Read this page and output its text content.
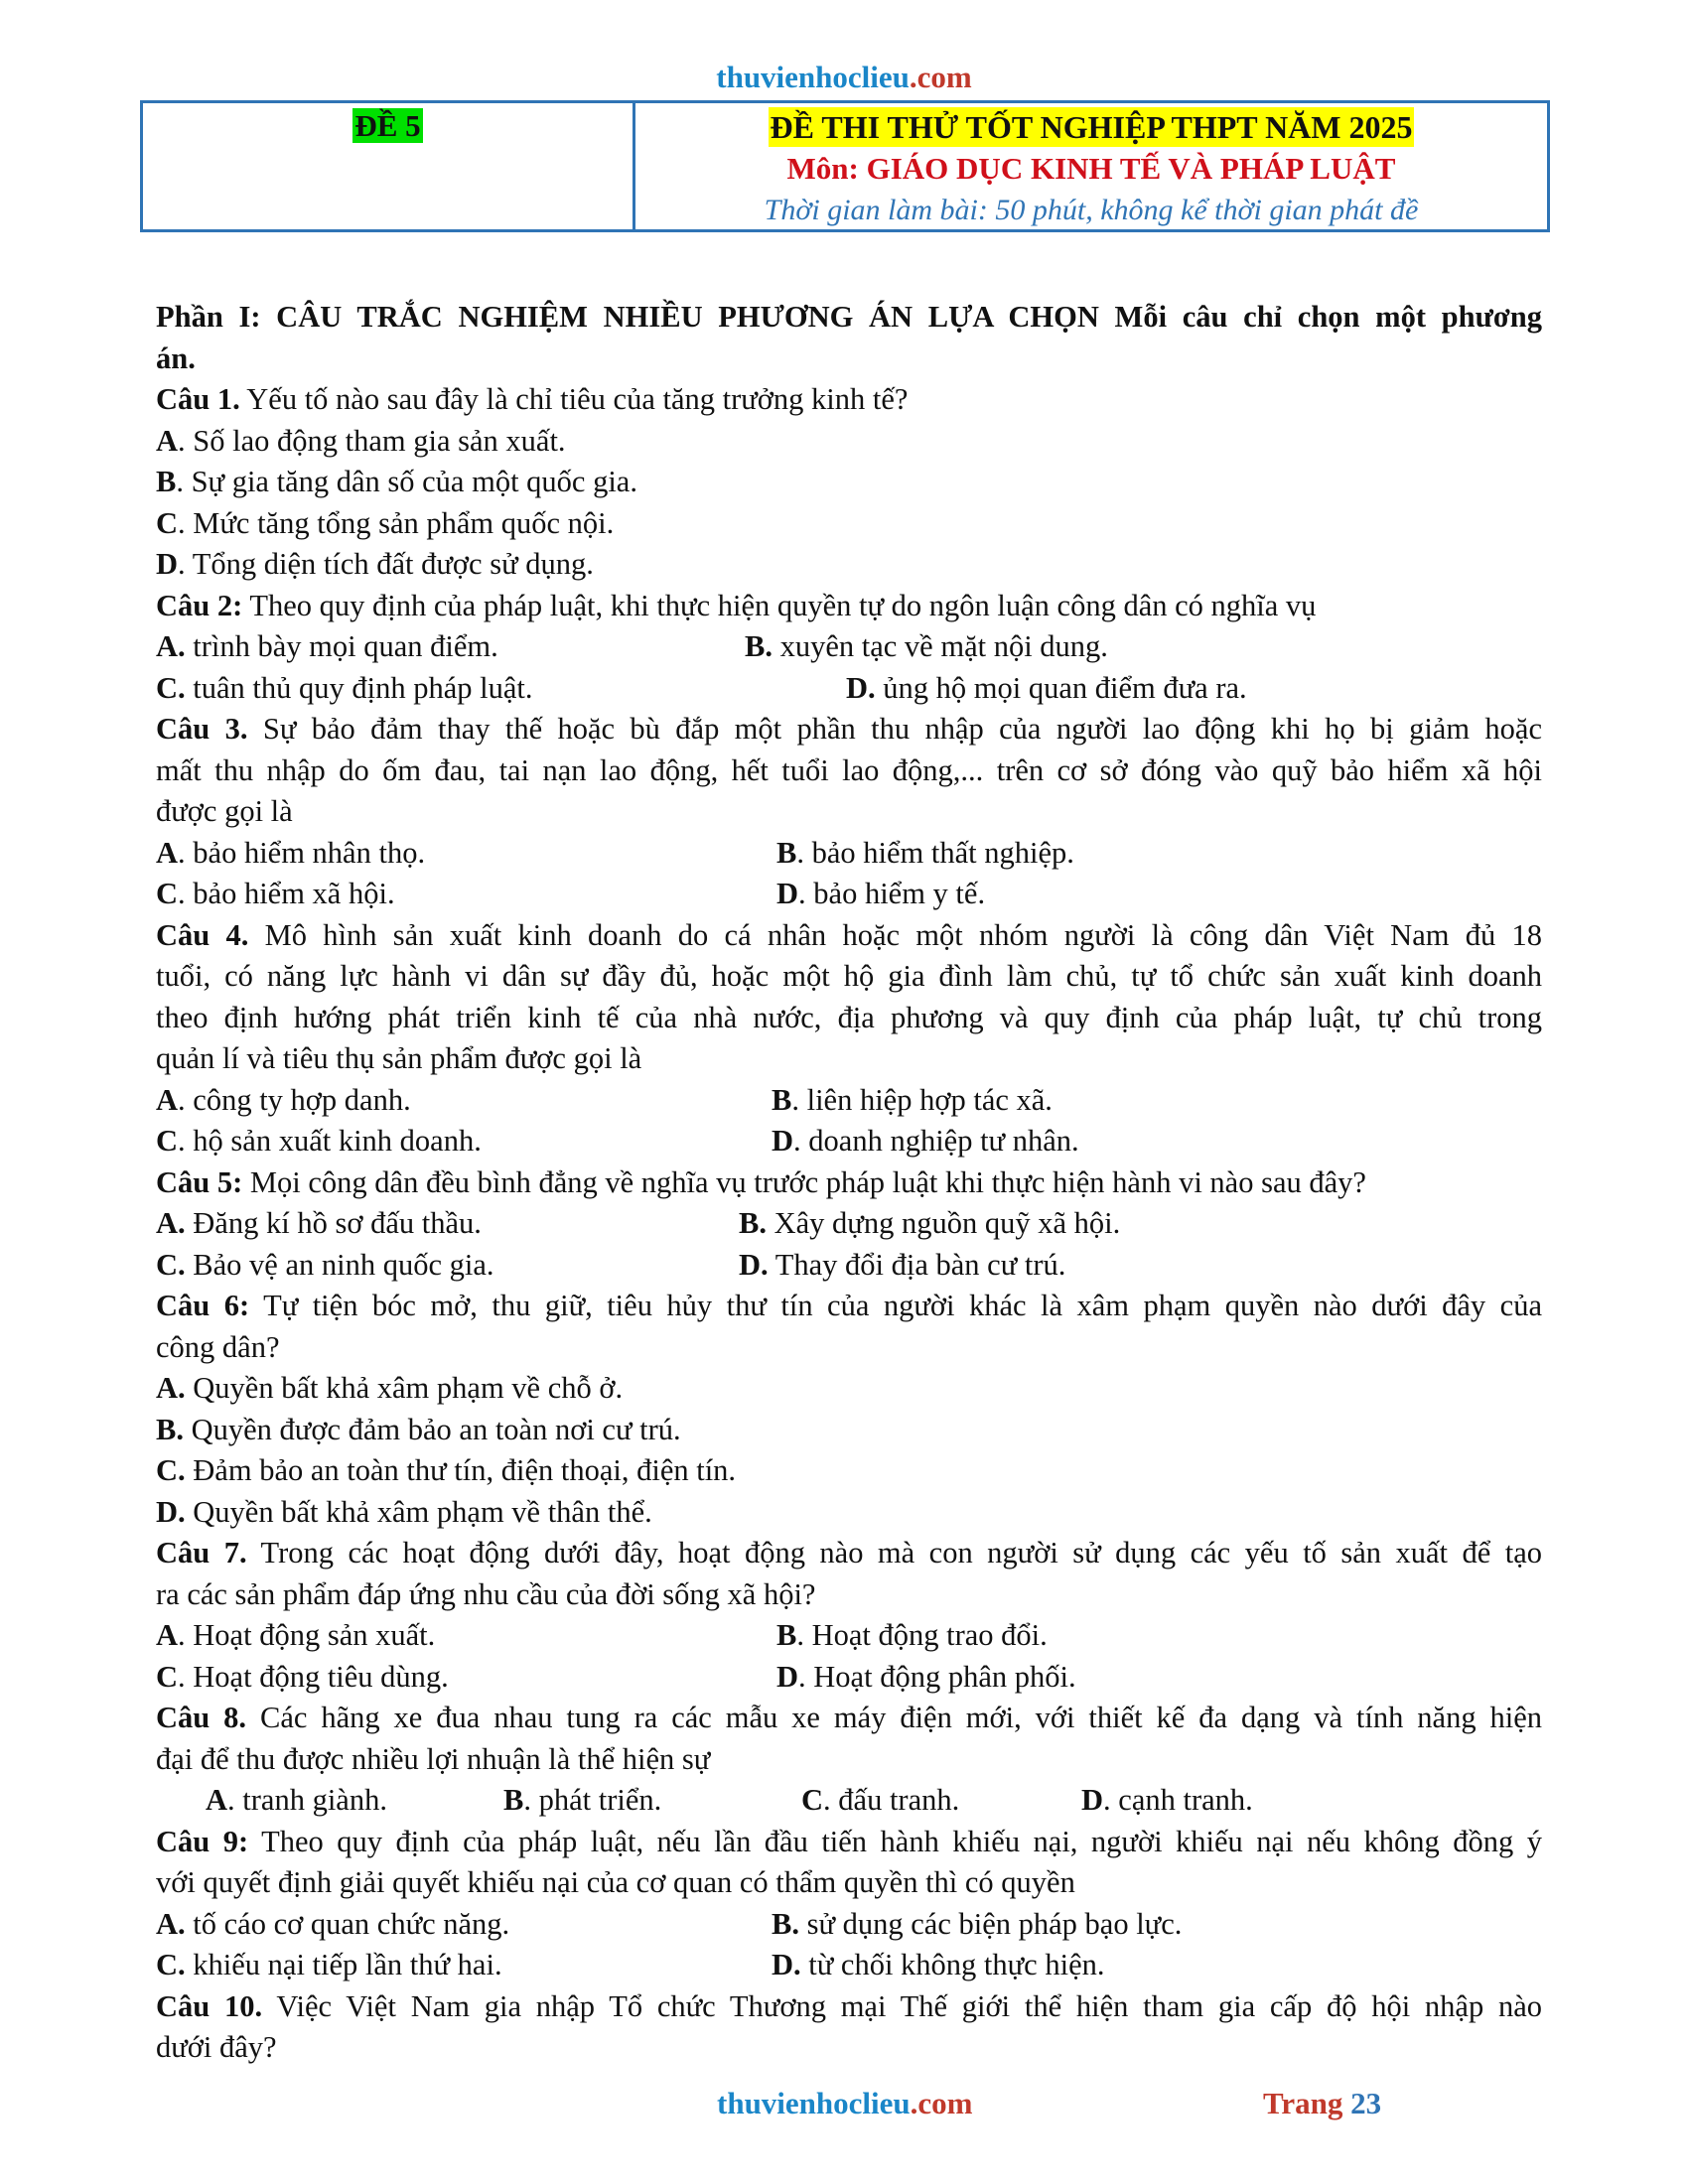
thuvienhoclieu.com
ĐỀ 5	ĐỀ THI THỬ TỐT NGHIỆP THPT NĂM 2025
Môn: GIÁO DỤC KINH TẾ VÀ PHÁP LUẬT
Thời gian làm bài: 50 phút, không kể thời gian phát đề
Phần I: CÂU TRẮC NGHIỆM NHIỀU PHƯƠNG ÁN LỰA CHỌN Mỗi câu chỉ chọn một phương
án.
Câu 1. Yếu tố nào sau đây là chỉ tiêu của tăng trưởng kinh tế?
A. Số lao động tham gia sản xuất.
B. Sự gia tăng dân số của một quốc gia.
C. Mức tăng tổng sản phẩm quốc nội.
D. Tổng diện tích đất được sử dụng.
Câu 2: Theo quy định của pháp luật, khi thực hiện quyền tự do ngôn luận công dân có nghĩa vụ
A. trình bày mọi quan điểm.	B. xuyên tạc về mặt nội dung.
C. tuân thủ quy định pháp luật.	D. ủng hộ mọi quan điểm đưa ra.
Câu 3. Sự bảo đảm thay thế hoặc bù đắp một phần thu nhập của người lao động khi họ bị giảm hoặc
mất thu nhập do ốm đau, tai nạn lao động, hết tuổi lao động,... trên cơ sở đóng vào quỹ bảo hiểm xã hội
được gọi là
A. bảo hiểm nhân thọ.	B. bảo hiểm thất nghiệp.
C. bảo hiểm xã hội.	D. bảo hiểm y tế.
Câu 4. Mô hình sản xuất kinh doanh do cá nhân hoặc một nhóm người là công dân Việt Nam đủ 18
tuổi, có năng lực hành vi dân sự đầy đủ, hoặc một hộ gia đình làm chủ, tự tổ chức sản xuất kinh doanh
theo định hướng phát triển kinh tế của nhà nước, địa phương và quy định của pháp luật, tự chủ trong
quản lí và tiêu thụ sản phẩm được gọi là
A. công ty hợp danh.	B. liên hiệp hợp tác xã.
C. hộ sản xuất kinh doanh.	D. doanh nghiệp tư nhân.
Câu 5: Mọi công dân đều bình đẳng về nghĩa vụ trước pháp luật khi thực hiện hành vi nào sau đây?
A. Đăng kí hồ sơ đấu thầu.	B. Xây dựng nguồn quỹ xã hội.
C. Bảo vệ an ninh quốc gia.	D. Thay đổi địa bàn cư trú.
Câu 6: Tự tiện bóc mở, thu giữ, tiêu hủy thư tín của người khác là xâm phạm quyền nào dưới đây của
công dân?
A. Quyền bất khả xâm phạm về chỗ ở.
B. Quyền được đảm bảo an toàn nơi cư trú.
C. Đảm bảo an toàn thư tín, điện thoại, điện tín.
D. Quyền bất khả xâm phạm về thân thể.
Câu 7. Trong các hoạt động dưới đây, hoạt động nào mà con người sử dụng các yếu tố sản xuất để tạo
ra các sản phẩm đáp ứng nhu cầu của đời sống xã hội?
A. Hoạt động sản xuất.	B. Hoạt động trao đổi.
C. Hoạt động tiêu dùng.	D. Hoạt động phân phối.
Câu 8. Các hãng xe đua nhau tung ra các mẫu xe máy điện mới, với thiết kế đa dạng và tính năng hiện
đại để thu được nhiều lợi nhuận là thể hiện sự
A. tranh giành.	B. phát triển.	C. đấu tranh.	D. cạnh tranh.
Câu 9: Theo quy định của pháp luật, nếu lần đầu tiến hành khiếu nại, người khiếu nại nếu không đồng ý
với quyết định giải quyết khiếu nại của cơ quan có thẩm quyền thì có quyền
A. tố cáo cơ quan chức năng.	B. sử dụng các biện pháp bạo lực.
C. khiếu nại tiếp lần thứ hai.	D. từ chối không thực hiện.
Câu 10. Việc Việt Nam gia nhập Tổ chức Thương mại Thế giới thể hiện tham gia cấp độ hội nhập nào
dưới đây?
thuvienhoclieu.com	Trang 23
